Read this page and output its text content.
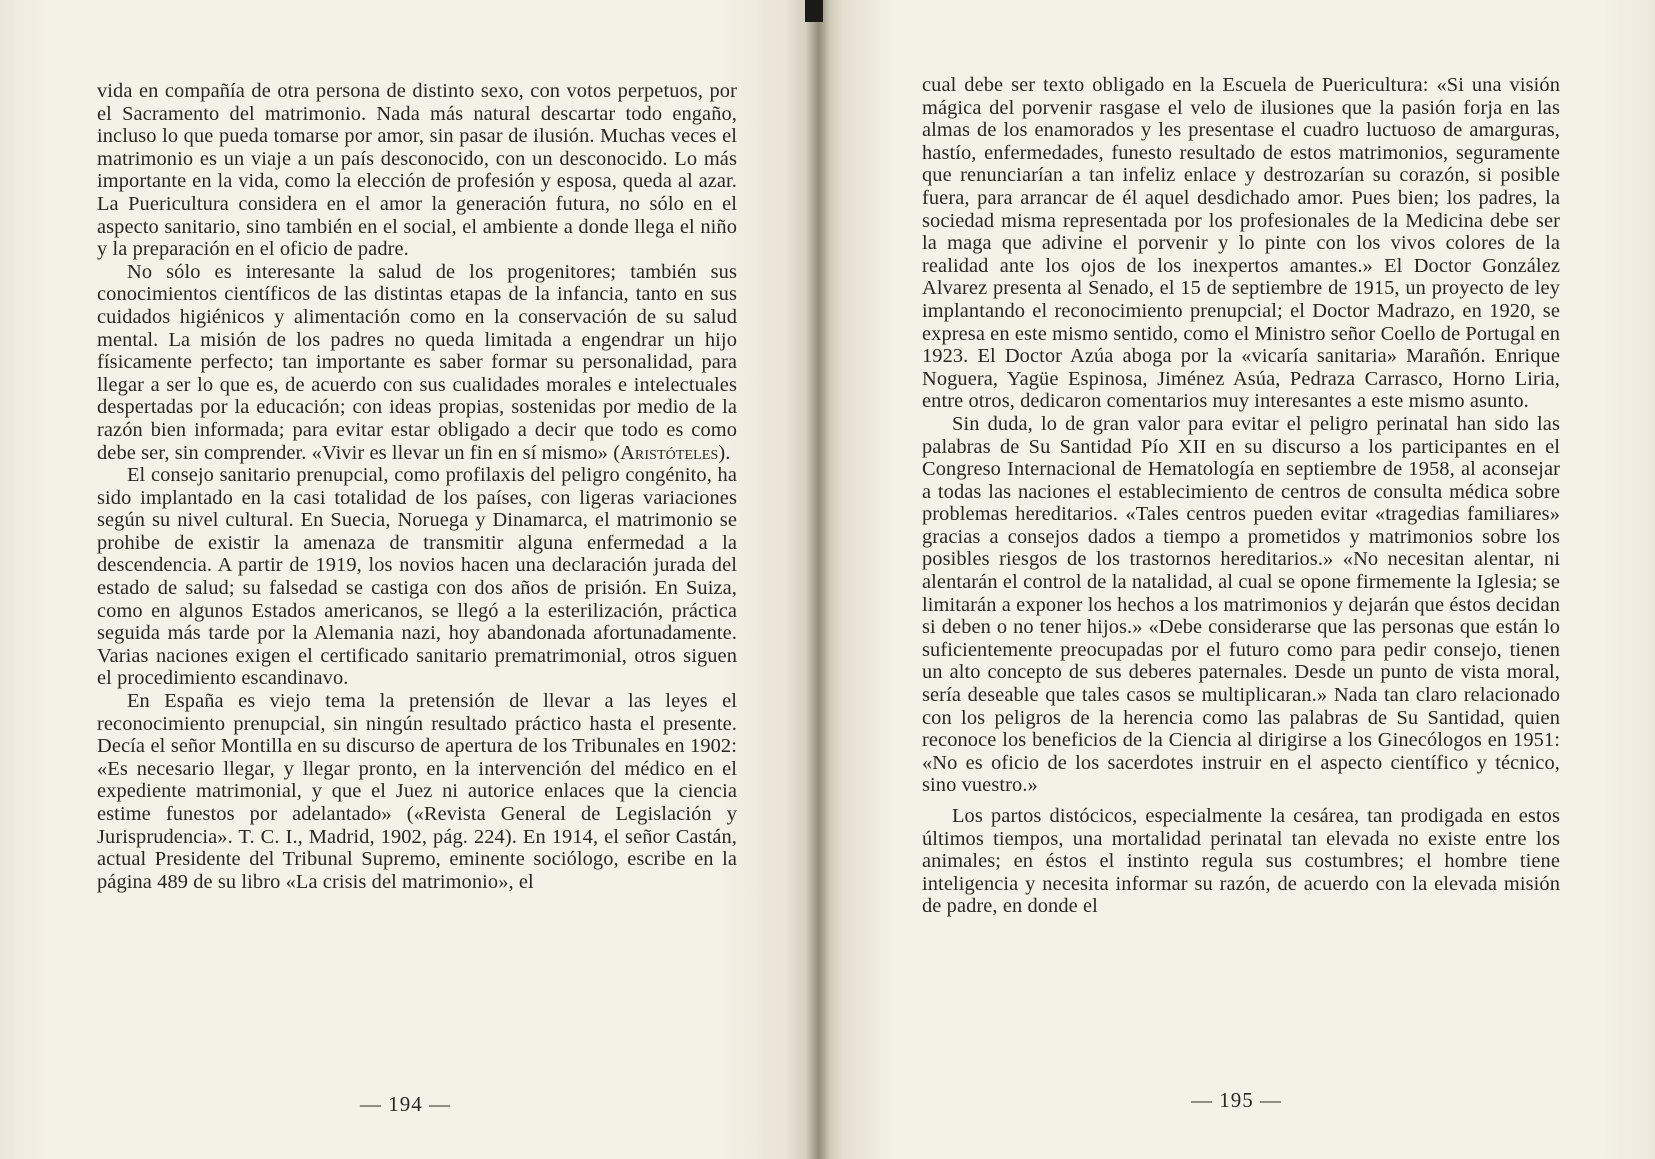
vida en compañía de otra persona de distinto sexo, con votos perpetuos, por el Sacramento del matrimonio. Nada más natural descartar todo engaño, incluso lo que pueda tomarse por amor, sin pasar de ilusión. Muchas veces el matrimonio es un viaje a un país desconocido, con un desconocido. Lo más importante en la vida, como la elección de profesión y esposa, queda al azar. La Puericultura considera en el amor la generación futura, no sólo en el aspecto sanitario, sino también en el social, el ambiente a donde llega el niño y la preparación en el oficio de padre.

No sólo es interesante la salud de los progenitores; también sus conocimientos científicos de las distintas etapas de la infancia, tanto en sus cuidados higiénicos y alimentación como en la conservación de su salud mental. La misión de los padres no queda limitada a engendrar un hijo físicamente perfecto; tan importante es saber formar su personalidad, para llegar a ser lo que es, de acuerdo con sus cualidades morales e intelectuales despertadas por la educación; con ideas propias, sostenidas por medio de la razón bien informada; para evitar estar obligado a decir que todo es como debe ser, sin comprender. «Vivir es llevar un fin en sí mismo» (Aristóteles).

El consejo sanitario prenupcial, como profilaxis del peligro congénito, ha sido implantado en la casi totalidad de los países, con ligeras variaciones según su nivel cultural. En Suecia, Noruega y Dinamarca, el matrimonio se prohibe de existir la amenaza de transmitir alguna enfermedad a la descendencia. A partir de 1919, los novios hacen una declaración jurada del estado de salud; su falsedad se castiga con dos años de prisión. En Suiza, como en algunos Estados americanos, se llegó a la esterilización, práctica seguida más tarde por la Alemania nazi, hoy abandonada afortunadamente. Varias naciones exigen el certificado sanitario prematrimonial, otros siguen el procedimiento escandinavo.

En España es viejo tema la pretensión de llevar a las leyes el reconocimiento prenupcial, sin ningún resultado práctico hasta el presente. Decía el señor Montilla en su discurso de apertura de los Tribunales en 1902: «Es necesario llegar, y llegar pronto, en la intervención del médico en el expediente matrimonial, y que el Juez ni autorice enlaces que la ciencia estime funestos por adelantado» («Revista General de Legislación y Jurisprudencia». T. C. I., Madrid, 1902, pág. 224). En 1914, el señor Castán, actual Presidente del Tribunal Supremo, eminente sociólogo, escribe en la página 489 de su libro «La crisis del matrimonio», el

— 194 —

cual debe ser texto obligado en la Escuela de Puericultura: «Si una visión mágica del porvenir rasgase el velo de ilusiones que la pasión forja en las almas de los enamorados y les presentase el cuadro luctuoso de amarguras, hastío, enfermedades, funesto resultado de estos matrimonios, seguramente que renunciarían a tan infeliz enlace y destrozarían su corazón, si posible fuera, para arrancar de él aquel desdichado amor. Pues bien; los padres, la sociedad misma representada por los profesionales de la Medicina debe ser la maga que adivine el porvenir y lo pinte con los vivos colores de la realidad ante los ojos de los inexpertos amantes.» El Doctor González Alvarez presenta al Senado, el 15 de septiembre de 1915, un proyecto de ley implantando el reconocimiento prenupcial; el Doctor Madrazo, en 1920, se expresa en este mismo sentido, como el Ministro señor Coello de Portugal en 1923. El Doctor Azúa aboga por la «vicaría sanitaria» Marañón. Enrique Noguera, Yagüe Espinosa, Jiménez Asúa, Pedraza Carrasco, Horno Liria, entre otros, dedicaron comentarios muy interesantes a este mismo asunto.

Sin duda, lo de gran valor para evitar el peligro perinatal han sido las palabras de Su Santidad Pío XII en su discurso a los participantes en el Congreso Internacional de Hematología en septiembre de 1958, al aconsejar a todas las naciones el establecimiento de centros de consulta médica sobre problemas hereditarios. «Tales centros pueden evitar «tragedias familiares» gracias a consejos dados a tiempo a prometidos y matrimonios sobre los posibles riesgos de los trastornos hereditarios.» «No necesitan alentar, ni alentarán el control de la natalidad, al cual se opone firmemente la Iglesia; se limitarán a exponer los hechos a los matrimonios y dejarán que éstos decidan si deben o no tener hijos.» «Debe considerarse que las personas que están lo suficientemente preocupadas por el futuro como para pedir consejo, tienen un alto concepto de sus deberes paternales. Desde un punto de vista moral, sería deseable que tales casos se multiplicaran.» Nada tan claro relacionado con los peligros de la herencia como las palabras de Su Santidad, quien reconoce los beneficios de la Ciencia al dirigirse a los Ginecólogos en 1951: «No es oficio de los sacerdotes instruir en el aspecto científico y técnico, sino vuestro.»

Los partos distócicos, especialmente la cesárea, tan prodigada en estos últimos tiempos, una mortalidad perinatal tan elevada no existe entre los animales; en éstos el instinto regula sus costumbres; el hombre tiene inteligencia y necesita informar su razón, de acuerdo con la elevada misión de padre, en donde el

— 195 —
